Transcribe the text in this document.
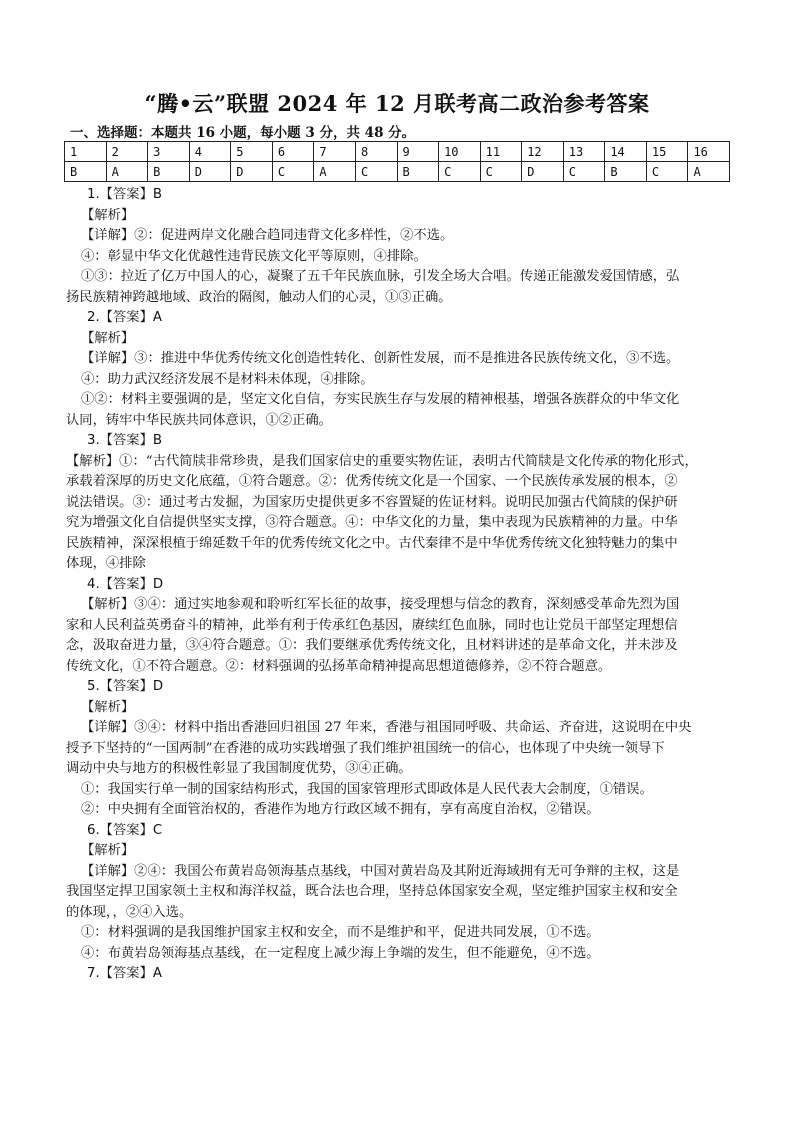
“腾•云”联盟 2024 年 12 月联考高二政治参考答案
一、选择题：本题共 16 小题，每小题 3 分，共 48 分。
1	2	3	4	5	6	7	8	9	10	11	12	13	14	15	16
B	A	B	D	D	C	A	C	B	C	C	D	C	B	C	A
1.【答案】B
【解析】
【详解】②：促进两岸文化融合趋同违背文化多样性，②不选。
④：彰显中华文化优越性违背民族文化平等原则，④排除。
①③：拉近了亿万中国人的心，凝聚了五千年民族血脉，引发全场大合唱。传递正能激发爱国情感，弘
扬民族精神跨越地域、政治的隔阂，触动人们的心灵，①③正确。
2.【答案】A
【解析】
【详解】③：推进中华优秀传统文化创造性转化、创新性发展，而不是推进各民族传统文化，③不选。
④：助力武汉经济发展不是材料未体现，④排除。
①②：材料主要强调的是，坚定文化自信，夯实民族生存与发展的精神根基，增强各族群众的中华文化
认同，铸牢中华民族共同体意识，①②正确。
3.【答案】B
【解析】①：“古代简牍非常珍贵，是我们国家信史的重要实物佐证，表明古代简牍是文化传承的物化形式，
承载着深厚的历史文化底蕴，①符合题意。②：优秀传统文化是一个国家、一个民族传承发展的根本，②
说法错误。③：通过考古发掘，为国家历史提供更多不容置疑的佐证材料。说明民加强古代简牍的保护研
究为增强文化自信提供坚实支撑，③符合题意。④：中华文化的力量，集中表现为民族精神的力量。中华
民族精神，深深根植于绵延数千年的优秀传统文化之中。古代秦律不是中华优秀传统文化独特魅力的集中
体现，④排除
4.【答案】D
【解析】③④：通过实地参观和聆听红军长征的故事，接受理想与信念的教育，深刻感受革命先烈为国
家和人民利益英勇奋斗的精神，此举有利于传承红色基因，赓续红色血脉，同时也让党员干部坚定理想信
念，汲取奋进力量，③④符合题意。①：我们要继承优秀传统文化，且材料讲述的是革命文化，并未涉及
传统文化，①不符合题意。②：材料强调的弘扬革命精神提高思想道德修养，②不符合题意。
5.【答案】D
【解析】
【详解】③④：材料中指出香港回归祖国 27 年来，香港与祖国同呼吸、共命运、齐奋进，这说明在中央
授予下坚持的“一国两制”在香港的成功实践增强了我们维护祖国统一的信心，也体现了中央统一领导下
调动中央与地方的积极性彰显了我国制度优势，③④正确。
①：我国实行单一制的国家结构形式，我国的国家管理形式即政体是人民代表大会制度，①错误。
②：中央拥有全面管治权的，香港作为地方行政区域不拥有，享有高度自治权，②错误。
6.【答案】C
【解析】
【详解】②④：我国公布黄岩岛领海基点基线，中国对黄岩岛及其附近海域拥有无可争辩的主权，这是
我国坚定捍卫国家领土主权和海洋权益，既合法也合理，坚持总体国家安全观，坚定维护国家主权和安全
的体现，，②④入选。
①：材料强调的是我国维护国家主权和安全，而不是维护和平，促进共同发展，①不选。
④：布黄岩岛领海基点基线，在一定程度上减少海上争端的发生，但不能避免，④不选。
7.【答案】A
